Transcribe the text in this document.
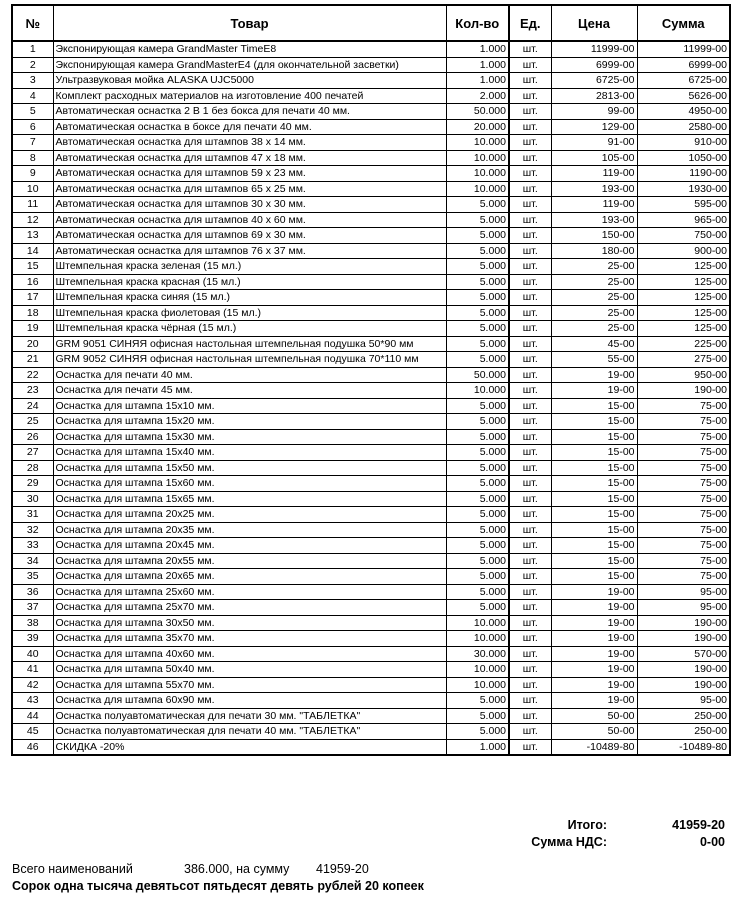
№	Товар	Кол-во	Ед.	Цена	Сумма
1	Экспонирующая камера GrandMaster TimeE8	1.000	шт.	11999-00	11999-00
2	Экспонирующая камера GrandMasterE4 (для окончательной засветки)	1.000	шт.	6999-00	6999-00
3	Ультразвуковая мойка ALASKA UJC5000	1.000	шт.	6725-00	6725-00
4	Комплект расходных материалов на изготовление 400 печатей	2.000	шт.	2813-00	5626-00
5	Автоматическая оснастка 2 В 1 без бокса для печати 40 мм.	50.000	шт.	99-00	4950-00
6	Автоматическая оснастка в боксе для печати 40 мм.	20.000	шт.	129-00	2580-00
7	Автоматическая оснастка для штампов 38 x 14 мм.	10.000	шт.	91-00	910-00
8	Автоматическая оснастка для штампов 47 x 18 мм.	10.000	шт.	105-00	1050-00
9	Автоматическая оснастка для штампов 59 x 23 мм.	10.000	шт.	119-00	1190-00
10	Автоматическая оснастка для штампов 65 x 25 мм.	10.000	шт.	193-00	1930-00
11	Автоматическая оснастка для штампов 30 x 30 мм.	5.000	шт.	119-00	595-00
12	Автоматическая оснастка для штампов 40 x 60 мм.	5.000	шт.	193-00	965-00
13	Автоматическая оснастка для штампов 69 x 30 мм.	5.000	шт.	150-00	750-00
14	Автоматическая оснастка для штампов 76 x 37 мм.	5.000	шт.	180-00	900-00
15	Штемпельная краска зеленая (15 мл.)	5.000	шт.	25-00	125-00
16	Штемпельная краска красная (15 мл.)	5.000	шт.	25-00	125-00
17	Штемпельная краска синяя (15 мл.)	5.000	шт.	25-00	125-00
18	Штемпельная краска фиолетовая (15 мл.)	5.000	шт.	25-00	125-00
19	Штемпельная краска чёрная (15 мл.)	5.000	шт.	25-00	125-00
20	GRM 9051 СИНЯЯ офисная настольная штемпельная подушка 50*90 мм	5.000	шт.	45-00	225-00
21	GRM 9052 СИНЯЯ офисная настольная штемпельная подушка 70*110 мм	5.000	шт.	55-00	275-00
22	Оснастка для печати 40 мм.	50.000	шт.	19-00	950-00
23	Оснастка для печати 45 мм.	10.000	шт.	19-00	190-00
24	Оснастка для штампа 15х10 мм.	5.000	шт.	15-00	75-00
25	Оснастка для штампа 15х20 мм.	5.000	шт.	15-00	75-00
26	Оснастка для штампа 15х30 мм.	5.000	шт.	15-00	75-00
27	Оснастка для штампа 15х40 мм.	5.000	шт.	15-00	75-00
28	Оснастка для штампа 15х50 мм.	5.000	шт.	15-00	75-00
29	Оснастка для штампа 15х60 мм.	5.000	шт.	15-00	75-00
30	Оснастка для штампа 15х65 мм.	5.000	шт.	15-00	75-00
31	Оснастка для штампа 20х25 мм.	5.000	шт.	15-00	75-00
32	Оснастка для штампа 20х35 мм.	5.000	шт.	15-00	75-00
33	Оснастка для штампа 20х45 мм.	5.000	шт.	15-00	75-00
34	Оснастка для штампа 20х55 мм.	5.000	шт.	15-00	75-00
35	Оснастка для штампа 20х65 мм.	5.000	шт.	15-00	75-00
36	Оснастка для штампа 25х60 мм.	5.000	шт.	19-00	95-00
37	Оснастка для штампа 25х70 мм.	5.000	шт.	19-00	95-00
38	Оснастка для штампа 30х50 мм.	10.000	шт.	19-00	190-00
39	Оснастка для штампа 35х70 мм.	10.000	шт.	19-00	190-00
40	Оснастка для штампа 40х60 мм.	30.000	шт.	19-00	570-00
41	Оснастка для штампа 50х40 мм.	10.000	шт.	19-00	190-00
42	Оснастка для штампа 55х70 мм.	10.000	шт.	19-00	190-00
43	Оснастка для штампа 60х90 мм.	5.000	шт.	19-00	95-00
44	Оснастка полуавтоматическая для печати 30 мм. "ТАБЛЕТКА"	5.000	шт.	50-00	250-00
45	Оснастка полуавтоматическая для печати 40 мм. "ТАБЛЕТКА"	5.000	шт.	50-00	250-00
46	СКИДКА -20%	1.000	шт.	-10489-80	-10489-80
Итого:	41959-20
Сумма НДС:	0-00
Всего наименований	386.000, на сумму 41959-20
Сорок одна тысяча девятьсот пятьдесят девять рублей 20 копеек
